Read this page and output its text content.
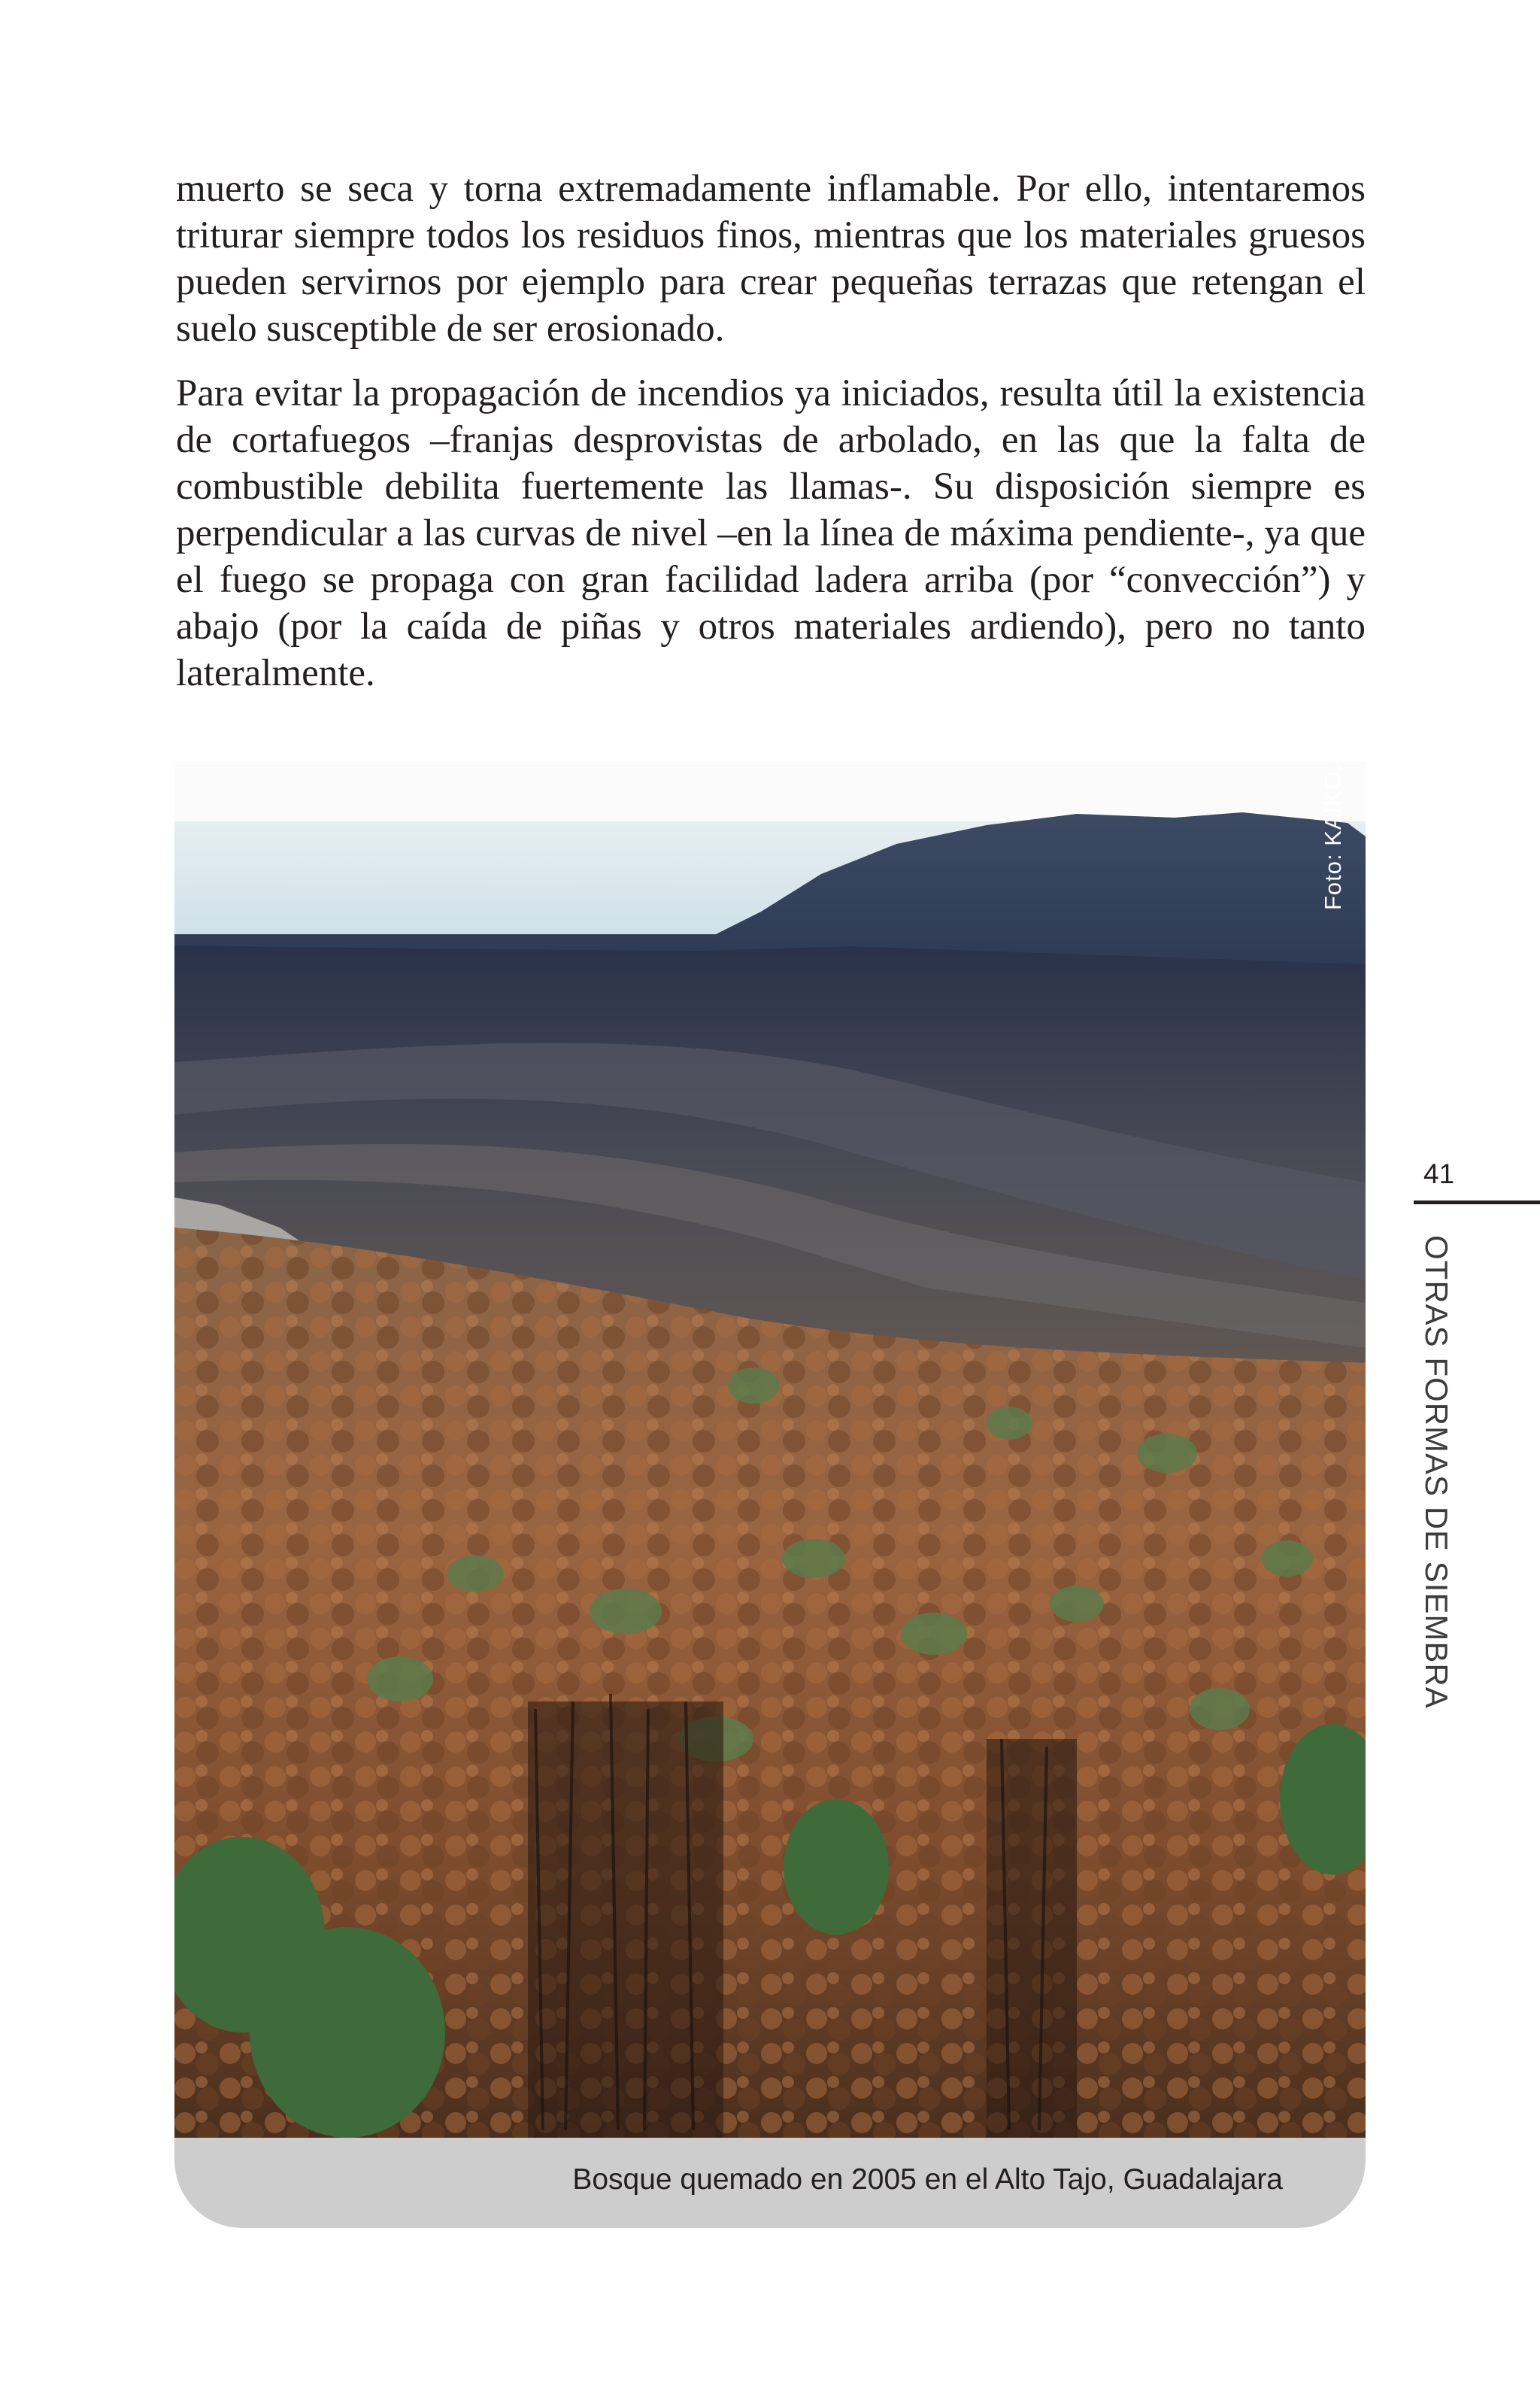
muerto se seca y torna extremadamente inflamable. Por ello, intentaremos triturar siempre todos los residuos finos, mientras que los materiales gruesos pueden servirnos por ejemplo para crear pequeñas terrazas que retengan el suelo susceptible de ser erosionado.

Para evitar la propagación de incendios ya iniciados, resulta útil la existencia de cortafuegos –franjas desprovistas de arbolado, en las que la falta de combustible debilita fuertemente las llamas-. Su disposición siempre es perpendicular a las curvas de nivel –en la línea de máxima pendiente-, ya que el fuego se propaga con gran facilidad ladera arriba (por “convección”) y abajo (por la caída de piñas y otros materiales ardiendo), pero no tanto lateralmente.

Bosque quemado en 2005 en el Alto Tajo, Guadalajara
Foto: KAIKO.es
41
OTRAS FORMAS DE SIEMBRA
